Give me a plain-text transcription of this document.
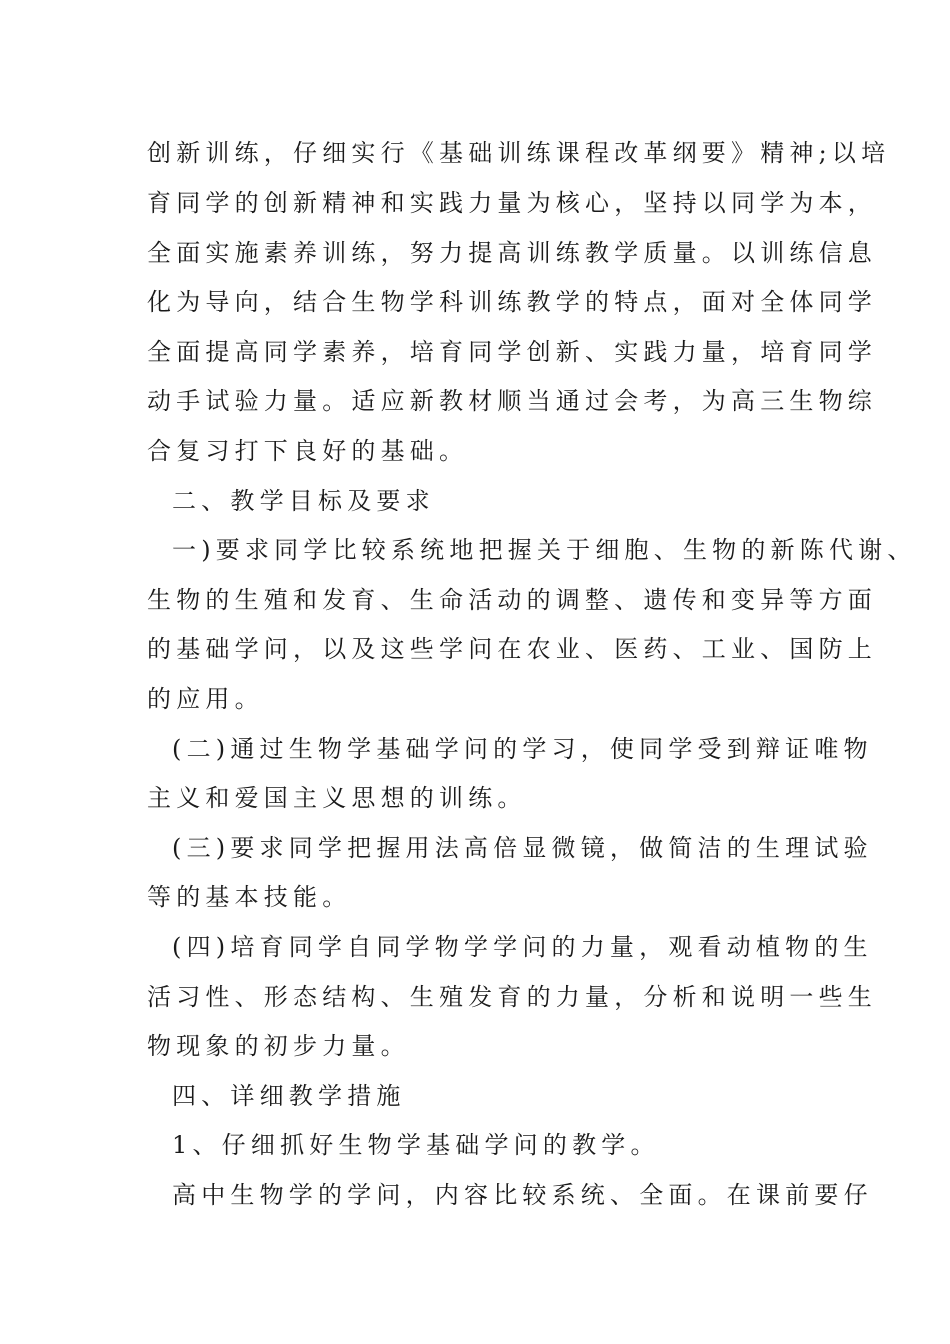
创新训练，仔细实行《基础训练课程改革纲要》精神;以培
育同学的创新精神和实践力量为核心，坚持以同学为本，
全面实施素养训练，努力提高训练教学质量。以训练信息
化为导向，结合生物学科训练教学的特点，面对全体同学
全面提高同学素养，培育同学创新、实践力量，培育同学
动手试验力量。适应新教材顺当通过会考，为高三生物综
合复习打下良好的基础。
二、教学目标及要求
一)要求同学比较系统地把握关于细胞、生物的新陈代谢、
生物的生殖和发育、生命活动的调整、遗传和变异等方面
的基础学问，以及这些学问在农业、医药、工业、国防上
的应用。
(二)通过生物学基础学问的学习，使同学受到辩证唯物
主义和爱国主义思想的训练。
(三)要求同学把握用法高倍显微镜，做简洁的生理试验
等的基本技能。
(四)培育同学自同学物学学问的力量，观看动植物的生
活习性、形态结构、生殖发育的力量，分析和说明一些生
物现象的初步力量。
四、详细教学措施
1、仔细抓好生物学基础学问的教学。
高中生物学的学问，内容比较系统、全面。在课前要仔
